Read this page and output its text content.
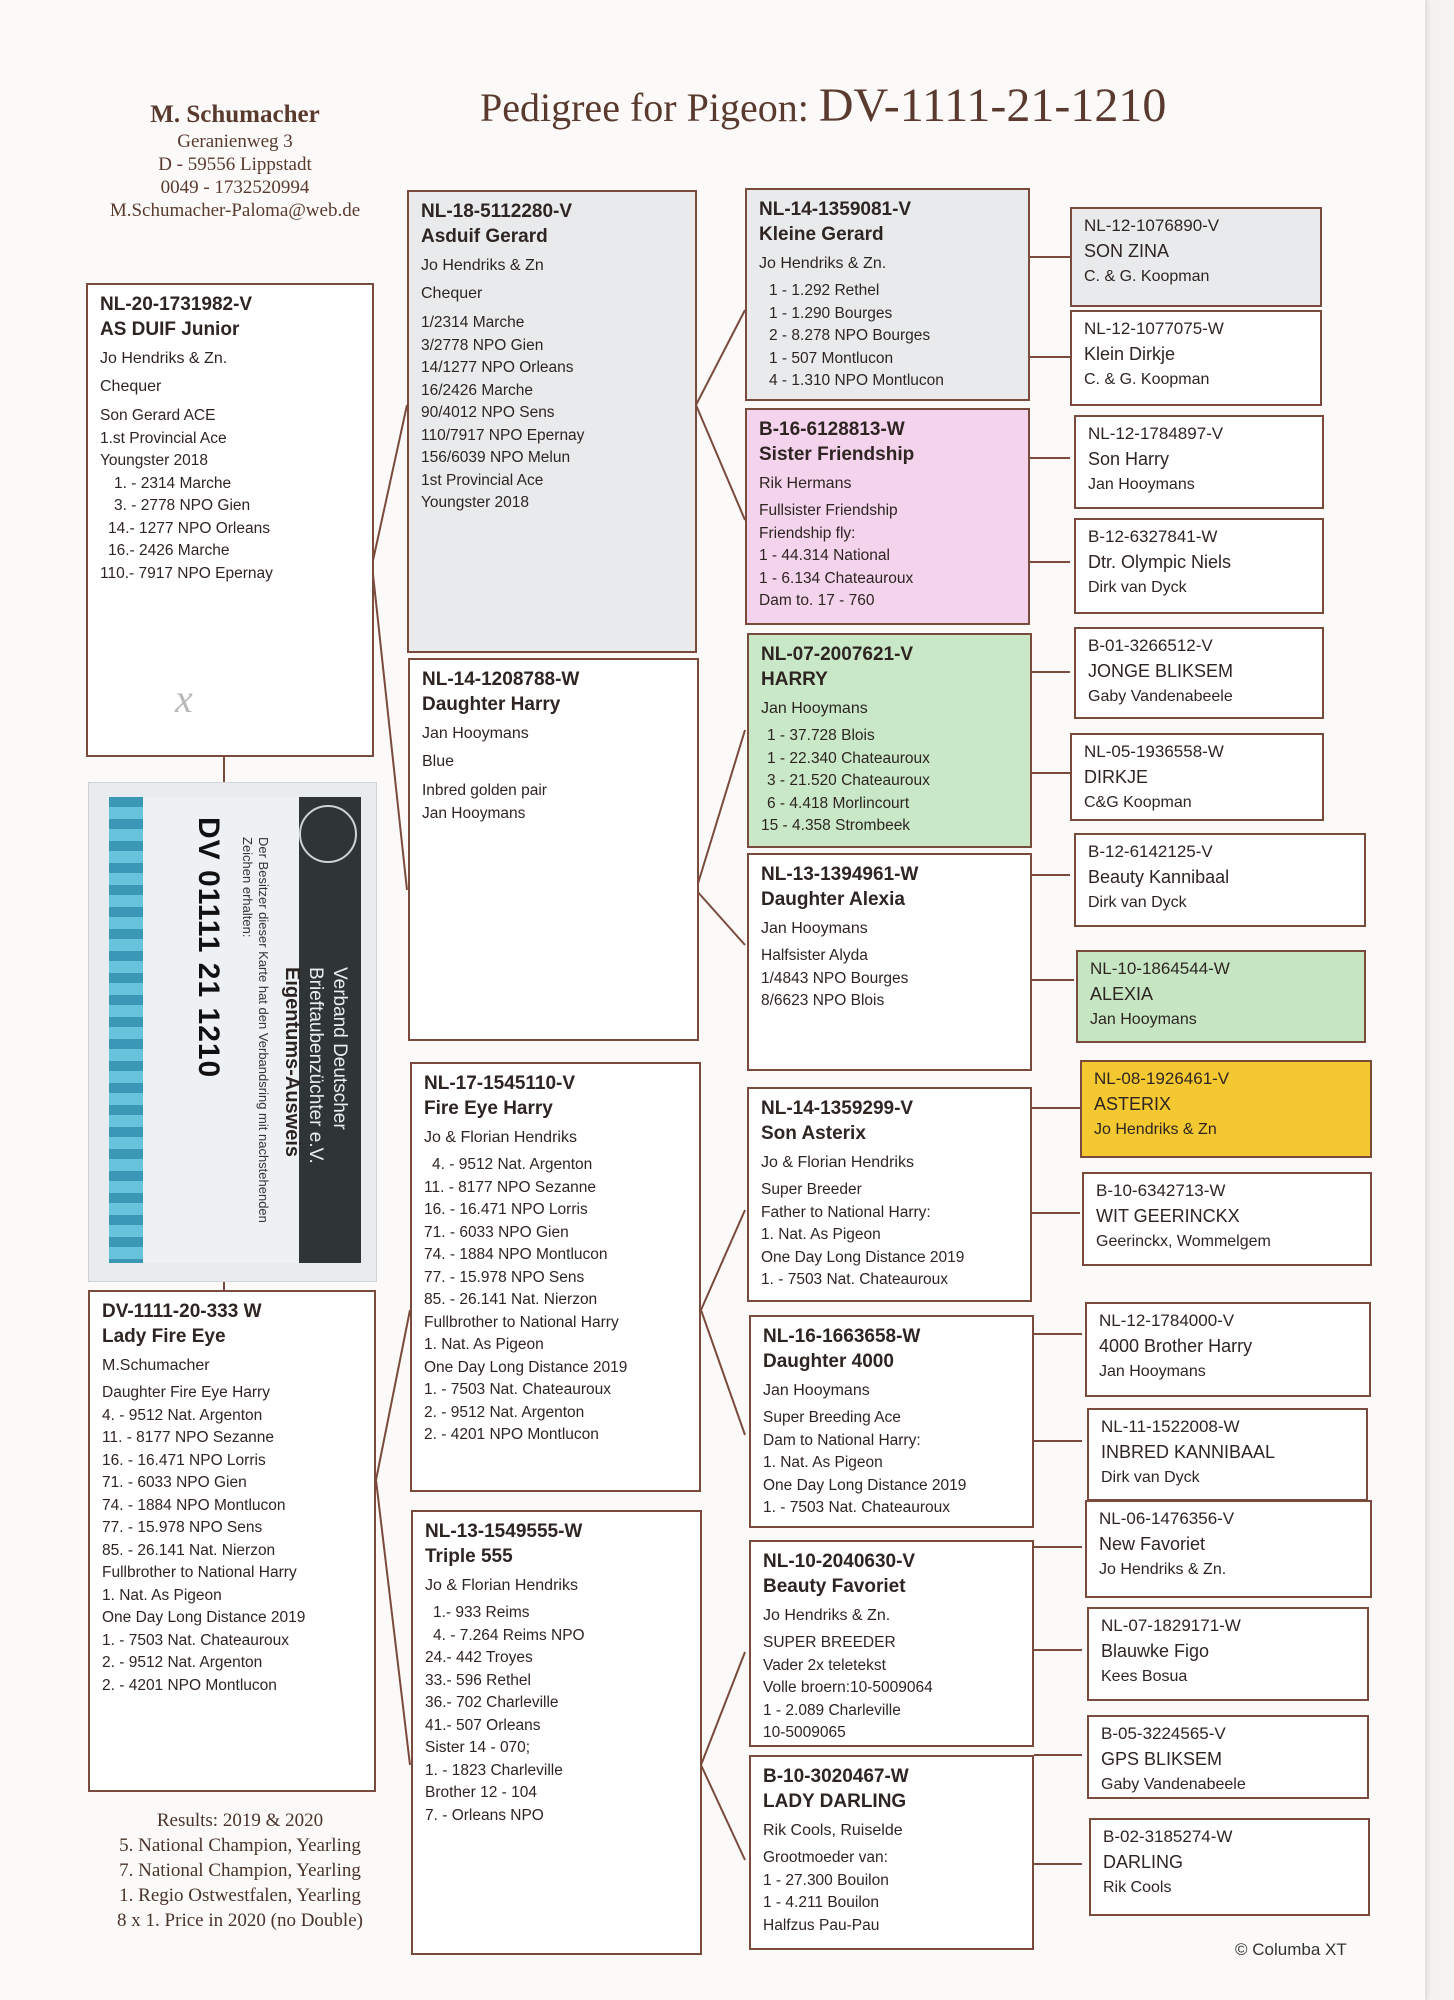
M. Schumacher
Geranienweg 3
D - 59556 Lippstadt
0049 - 1732520994
M.Schumacher-Paloma@web.de
Pedigree for Pigeon: DV-1111-21-1210
NL-20-1731982-V
AS DUIF Junior
Jo Hendriks & Zn.
Chequer
Son Gerard ACE
1.st Provincial Ace
Youngster 2018
1. - 2314 Marche
3. - 2778 NPO Gien
14.- 1277 NPO Orleans
16.- 2426 Marche
110.- 7917 NPO Epernay
x
Verband Deutscher Brieftaubenzüchter e.V.
Eigentums-Ausweis
Der Besitzer dieser Karte hat den Verbandsring mit nachstehenden Zeichen erhalten:
DV 01111 21 1210
DV-1111-20-333 W
Lady Fire Eye
M.Schumacher
Daughter Fire Eye Harry
4. - 9512 Nat. Argenton
11. - 8177 NPO Sezanne
16. - 16.471 NPO Lorris
71. - 6033 NPO Gien
74. - 1884 NPO Montlucon
77. - 15.978 NPO Sens
85. - 26.141 Nat. Nierzon
Fullbrother to National Harry
1. Nat. As Pigeon
One Day Long Distance 2019
1. - 7503 Nat. Chateauroux
2. - 9512 Nat. Argenton
2. - 4201 NPO Montlucon
Results: 2019 & 2020
5. National Champion, Yearling
7. National Champion, Yearling
1. Regio Ostwestfalen, Yearling
8 x 1. Price in 2020 (no Double)
NL-18-5112280-V
Asduif Gerard
Jo Hendriks & Zn
Chequer
1/2314 Marche
3/2778 NPO Gien
14/1277 NPO Orleans
16/2426 Marche
90/4012 NPO Sens
110/7917 NPO Epernay
156/6039 NPO Melun
1st Provincial Ace
Youngster 2018
NL-14-1208788-W
Daughter Harry
Jan Hooymans
Blue
Inbred golden pair
Jan Hooymans
NL-17-1545110-V
Fire Eye Harry
Jo & Florian Hendriks
4. - 9512 Nat. Argenton
11. - 8177 NPO Sezanne
16. - 16.471 NPO Lorris
71. - 6033 NPO Gien
74. - 1884 NPO Montlucon
77. - 15.978 NPO Sens
85. - 26.141 Nat. Nierzon
Fullbrother to National Harry
1. Nat. As Pigeon
One Day Long Distance 2019
1. - 7503 Nat. Chateauroux
2. - 9512 Nat. Argenton
2. - 4201 NPO Montlucon
NL-13-1549555-W
Triple 555
Jo & Florian Hendriks
1.- 933 Reims
4. - 7.264 Reims NPO
24.- 442 Troyes
33.- 596 Rethel
36.- 702 Charleville
41.- 507 Orleans
Sister 14 - 070;
1. - 1823 Charleville
Brother 12 - 104
7. - Orleans NPO
NL-14-1359081-V
Kleine Gerard
Jo Hendriks & Zn.
1 - 1.292 Rethel
1 - 1.290 Bourges
2 - 8.278 NPO Bourges
1 - 507 Montlucon
4 - 1.310 NPO Montlucon
B-16-6128813-W
Sister Friendship
Rik Hermans
Fullsister Friendship
Friendship fly:
1 - 44.314 National
1 - 6.134 Chateauroux
Dam to. 17 - 760
NL-07-2007621-V
HARRY
Jan Hooymans
1 - 37.728 Blois
1 - 22.340 Chateauroux
3 - 21.520 Chateauroux
6 - 4.418 Morlincourt
15 - 4.358 Strombeek
NL-13-1394961-W
Daughter Alexia
Jan Hooymans
Halfsister Alyda
1/4843 NPO Bourges
8/6623 NPO Blois
NL-14-1359299-V
Son Asterix
Jo & Florian Hendriks
Super Breeder
Father to National Harry:
1. Nat. As Pigeon
One Day Long Distance 2019
1. - 7503 Nat. Chateauroux
NL-16-1663658-W
Daughter 4000
Jan Hooymans
Super Breeding Ace
Dam to National Harry:
1. Nat. As Pigeon
One Day Long Distance 2019
1. - 7503 Nat. Chateauroux
NL-10-2040630-V
Beauty Favoriet
Jo Hendriks & Zn.
SUPER BREEDER
Vader 2x teletekst
Volle broern:10-5009064
1 - 2.089 Charleville
10-5009065
B-10-3020467-W
LADY DARLING
Rik Cools, Ruiselde
Grootmoeder van:
1 - 27.300 Bouilon
1 - 4.211 Bouilon
Halfzus Pau-Pau
NL-12-1076890-V
SON ZINA
C. & G. Koopman
NL-12-1077075-W
Klein Dirkje
C. & G. Koopman
NL-12-1784897-V
Son Harry
Jan Hooymans
B-12-6327841-W
Dtr. Olympic Niels
Dirk van Dyck
B-01-3266512-V
JONGE BLIKSEM
Gaby Vandenabeele
NL-05-1936558-W
DIRKJE
C&G Koopman
B-12-6142125-V
Beauty Kannibaal
Dirk van Dyck
NL-10-1864544-W
ALEXIA
Jan Hooymans
NL-08-1926461-V
ASTERIX
Jo Hendriks & Zn
B-10-6342713-W
WIT GEERINCKX
Geerinckx, Wommelgem
NL-12-1784000-V
4000 Brother Harry
Jan Hooymans
NL-11-1522008-W
INBRED KANNIBAAL
Dirk van Dyck
NL-06-1476356-V
New Favoriet
Jo Hendriks & Zn.
NL-07-1829171-W
Blauwke Figo
Kees Bosua
B-05-3224565-V
GPS BLIKSEM
Gaby Vandenabeele
B-02-3185274-W
DARLING
Rik Cools
© Columba XT
